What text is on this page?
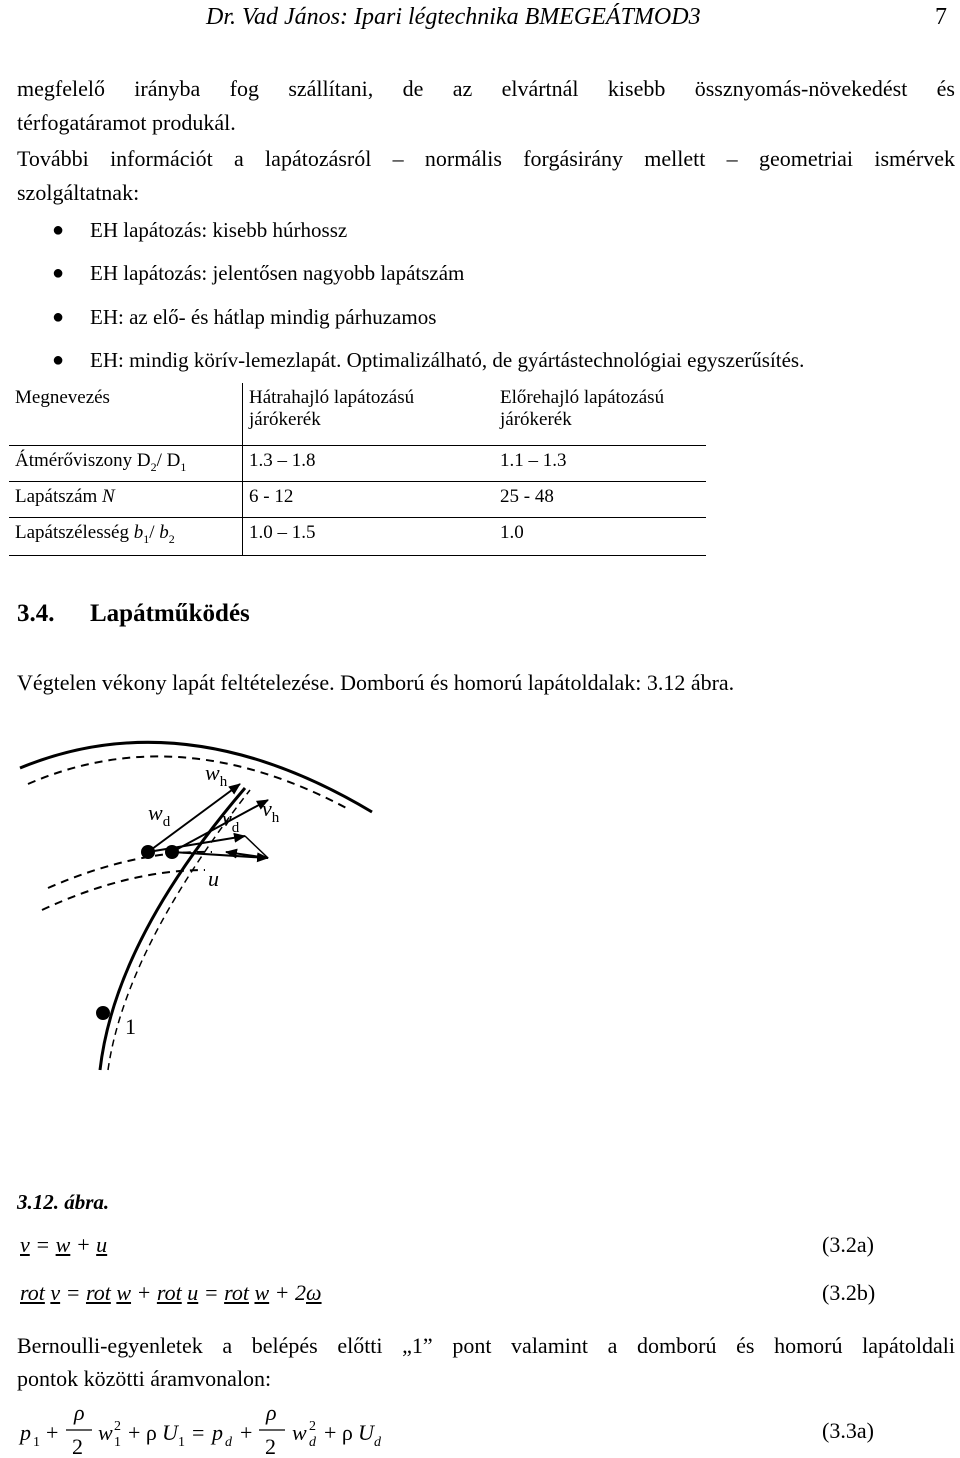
Dr. Vad János: Ipari légtechnika BMEGEÁTMOD3	7
megfelelő irányba fog szállítani, de az elvártnál kisebb össznyomás-növekedést és
térfogatáramot produkál.
További információt a lapátozásról – normális forgásirány mellett – geometriai ismérvek
szolgáltatnak:
● EH lapátozás: kisebb húrhossz
● EH lapátozás: jelentősen nagyobb lapátszám
● EH: az elő- és hátlap mindig párhuzamos
● EH: mindig körív-lemezlapát. Optimalizálható, de gyártástechnológiai egyszerűsítés.
Megnevezés	Hátrahajló lapátozású járókerék	Előrehajló lapátozású járókerék
Átmérőviszony $D_2/$ $D_1$	1.3 – 1.8	1.1 – 1.3
Lapátszám N	6 - 12	25 - 48
Lapátszélesség $b_1/$ $b_2$	1.0 – 1.5	1.0
3.4. Lapátműködés
Végtelen vékony lapát feltételezése. Domború és homorú lapátoldalak: 3.12 ábra.
$w_h$
$w_d$ $v_d$
$v_h$
u
1
3.12. ábra.
v = w + u	(3.2a)
rot v = rot w + rot u = rot w + 2ω	(3.2b)
Bernoulli-egyenletek a belépés előtti „1” pont valamint a domború és homorú lapátoldali
pontok közötti áramvonalon:
p 1 +
ρ
2
w 1
2 + ρ U 1 = p d +
ρ
2
w d
2 + ρ U d	(3.3a)
